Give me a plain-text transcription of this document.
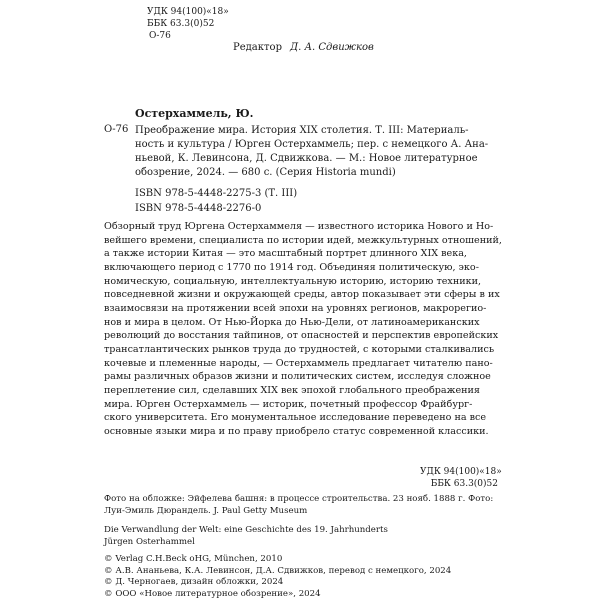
УДК 94(100)«18»
ББК 63.3(0)52
О-76
Редактор Д. А. Сдвижков
Остерхаммель, Ю.
О-76 Преображение мира. История XIX столетия. Т. III: Материаль-
ность и культура / Юрген Остерхаммель; пер. с немецкого А. Ана-
ньевой, К. Левинсона, Д. Сдвижкова. — М.: Новое литературное
обозрение, 2024. — 680 с. (Серия Historia mundi)
ISBN 978-5-4448-2275-3 (Т. III)
ISBN 978-5-4448-2276-0
Обзорный труд Юргена Остерхаммеля — известного историка Нового и Но-
вейшего времени, специалиста по истории идей, межкультурных отношений,
а также истории Китая — это масштабный портрет длинного XIX века,
включающего период с 1770 по 1914 год. Объединяя политическую, эко-
номическую, социальную, интеллектуальную историю, историю техники,
повседневной жизни и окружающей среды, автор показывает эти сферы в их
взаимосвязи на протяжении всей эпохи на уровнях регионов, макрорегио-
нов и мира в целом. От Нью-Йорка до Нью-Дели, от латиноамериканских
революций до восстания тайпинов, от опасностей и перспектив европейских
трансатлантических рынков труда до трудностей, с которыми сталкивались
кочевые и племенные народы, — Остерхаммель предлагает читателю пано-
рамы различных образов жизни и политических систем, исследуя сложное
переплетение сил, сделавших XIX век эпохой глобального преображения
мира. Юрген Остерхаммель — историк, почетный профессор Фрайбург-
ского университета. Его монументальное исследование переведено на все
основные языки мира и по праву приобрело статус современной классики.
УДК 94(100)«18»
ББК 63.3(0)52
Фото на обложке: Эйфелева башня: в процессе строительства. 23 нояб. 1888 г. Фото:
Луи-Эмиль Дюрандель. J. Paul Getty Museum
Die Verwandlung der Welt: eine Geschichte des 19. Jahrhunderts
Jürgen Osterhammel
© Verlag C.H.Beck oHG, München, 2010
© А.В. Ананьева, К.А. Левинсон, Д.А. Сдвижков, перевод с немецкого, 2024
© Д. Черногаев, дизайн обложки, 2024
© ООО «Новое литературное обозрение», 2024
